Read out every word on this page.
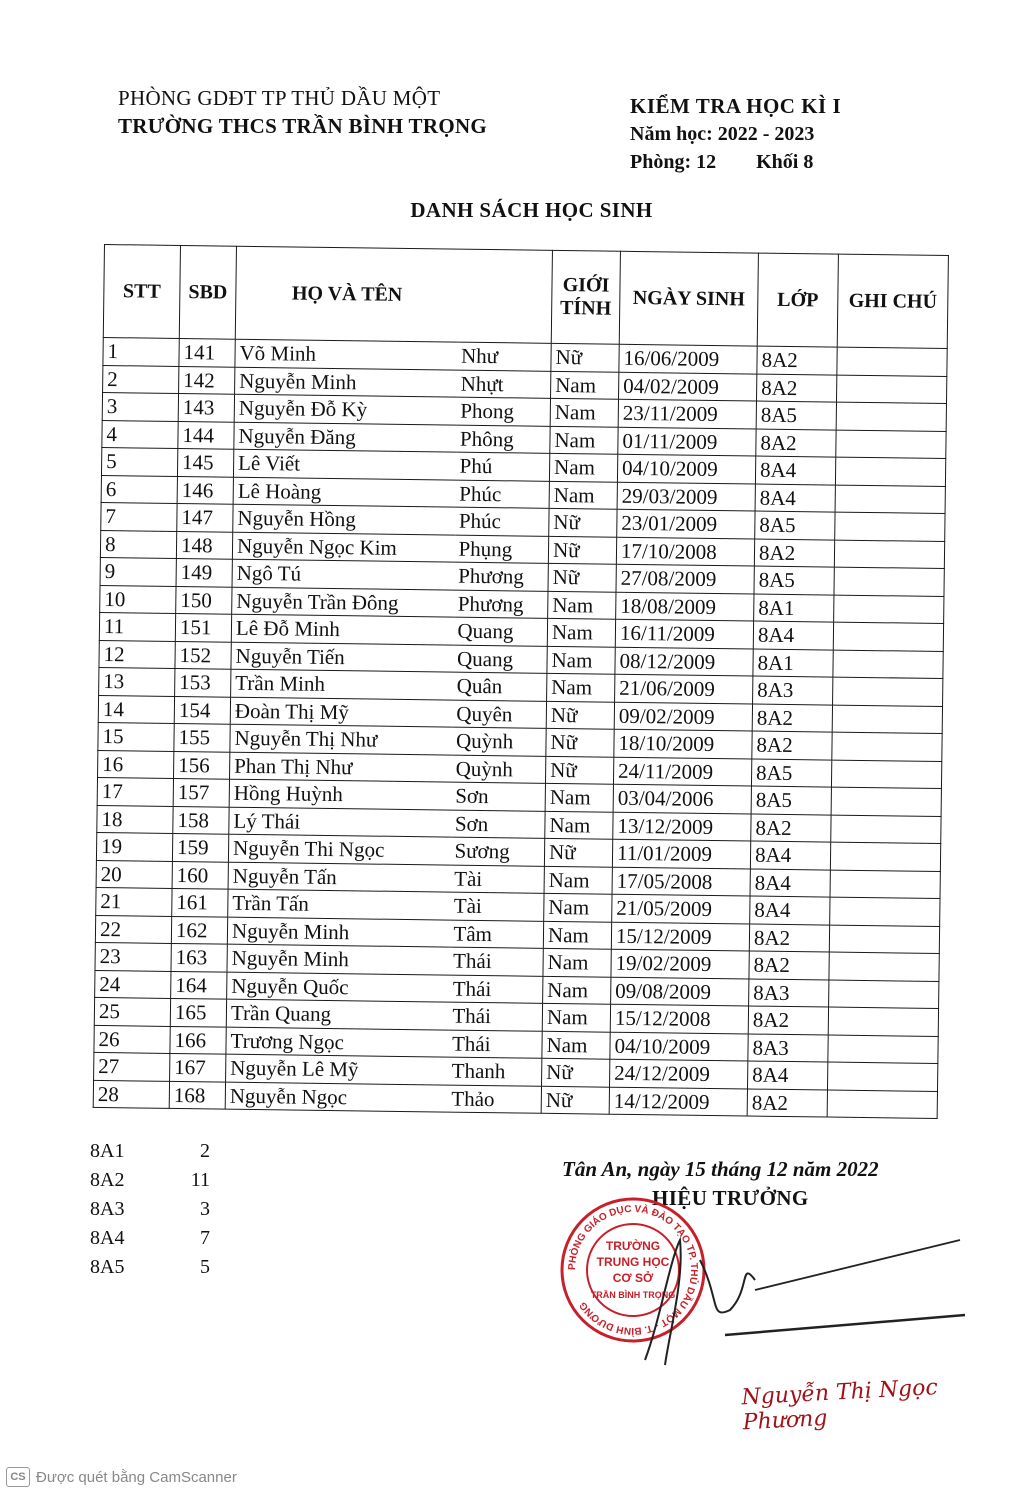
PHÒNG GDĐT TP THỦ DẦU MỘT
TRƯỜNG THCS TRẦN BÌNH TRỌNG
KIỂM TRA HỌC KÌ I
Năm học: 2022 - 2023
Phòng: 12 Khối 8
DANH SÁCH HỌC SINH
STT	SBD	HỌ VÀ TÊN		GIỚI
TÍNH	NGÀY SINH	LỚP	GHI CHÚ
1	141	Võ Minh	Như	Nữ	16/06/2009	8A2	
2	142	Nguyễn Minh	Nhựt	Nam	04/02/2009	8A2	
3	143	Nguyễn Đỗ Kỳ	Phong	Nam	23/11/2009	8A5	
4	144	Nguyễn Đăng	Phông	Nam	01/11/2009	8A2	
5	145	Lê Viết	Phú	Nam	04/10/2009	8A4	
6	146	Lê Hoàng	Phúc	Nam	29/03/2009	8A4	
7	147	Nguyễn Hồng	Phúc	Nữ	23/01/2009	8A5	
8	148	Nguyễn Ngọc Kim	Phụng	Nữ	17/10/2008	8A2	
9	149	Ngô Tú	Phương	Nữ	27/08/2009	8A5	
10	150	Nguyễn Trần Đông	Phương	Nam	18/08/2009	8A1	
11	151	Lê Đỗ Minh	Quang	Nam	16/11/2009	8A4	
12	152	Nguyễn Tiến	Quang	Nam	08/12/2009	8A1	
13	153	Trần Minh	Quân	Nam	21/06/2009	8A3	
14	154	Đoàn Thị Mỹ	Quyên	Nữ	09/02/2009	8A2	
15	155	Nguyễn Thị Như	Quỳnh	Nữ	18/10/2009	8A2	
16	156	Phan Thị Như	Quỳnh	Nữ	24/11/2009	8A5	
17	157	Hồng Huỳnh	Sơn	Nam	03/04/2006	8A5	
18	158	Lý Thái	Sơn	Nam	13/12/2009	8A2	
19	159	Nguyễn Thi Ngọc	Sương	Nữ	11/01/2009	8A4	
20	160	Nguyễn Tấn	Tài	Nam	17/05/2008	8A4	
21	161	Trần Tấn	Tài	Nam	21/05/2009	8A4	
22	162	Nguyễn Minh	Tâm	Nam	15/12/2009	8A2	
23	163	Nguyễn Minh	Thái	Nam	19/02/2009	8A2	
24	164	Nguyễn Quốc	Thái	Nam	09/08/2009	8A3	
25	165	Trần Quang	Thái	Nam	15/12/2008	8A2	
26	166	Trương Ngọc	Thái	Nam	04/10/2009	8A3	
27	167	Nguyễn Lê Mỹ	Thanh	Nữ	24/12/2009	8A4	
28	168	Nguyễn Ngọc	Thảo	Nữ	14/12/2009	8A2	
8A1	2
8A2	11
8A3	3
8A4	7
8A5	5
Tân An, ngày 15 tháng 12 năm 2022
HIỆU TRƯỞNG
PHÒNG GIÁO DỤC VÀ ĐÀO TẠO TP. THỦ DẦU MỘT - T. BÌNH DƯƠNG
TRƯỜNG
TRUNG HỌC
CƠ SỞ
TRẦN BÌNH TRỌNG
Nguyễn Thị Ngọc Phương
CS Được quét bằng CamScanner
